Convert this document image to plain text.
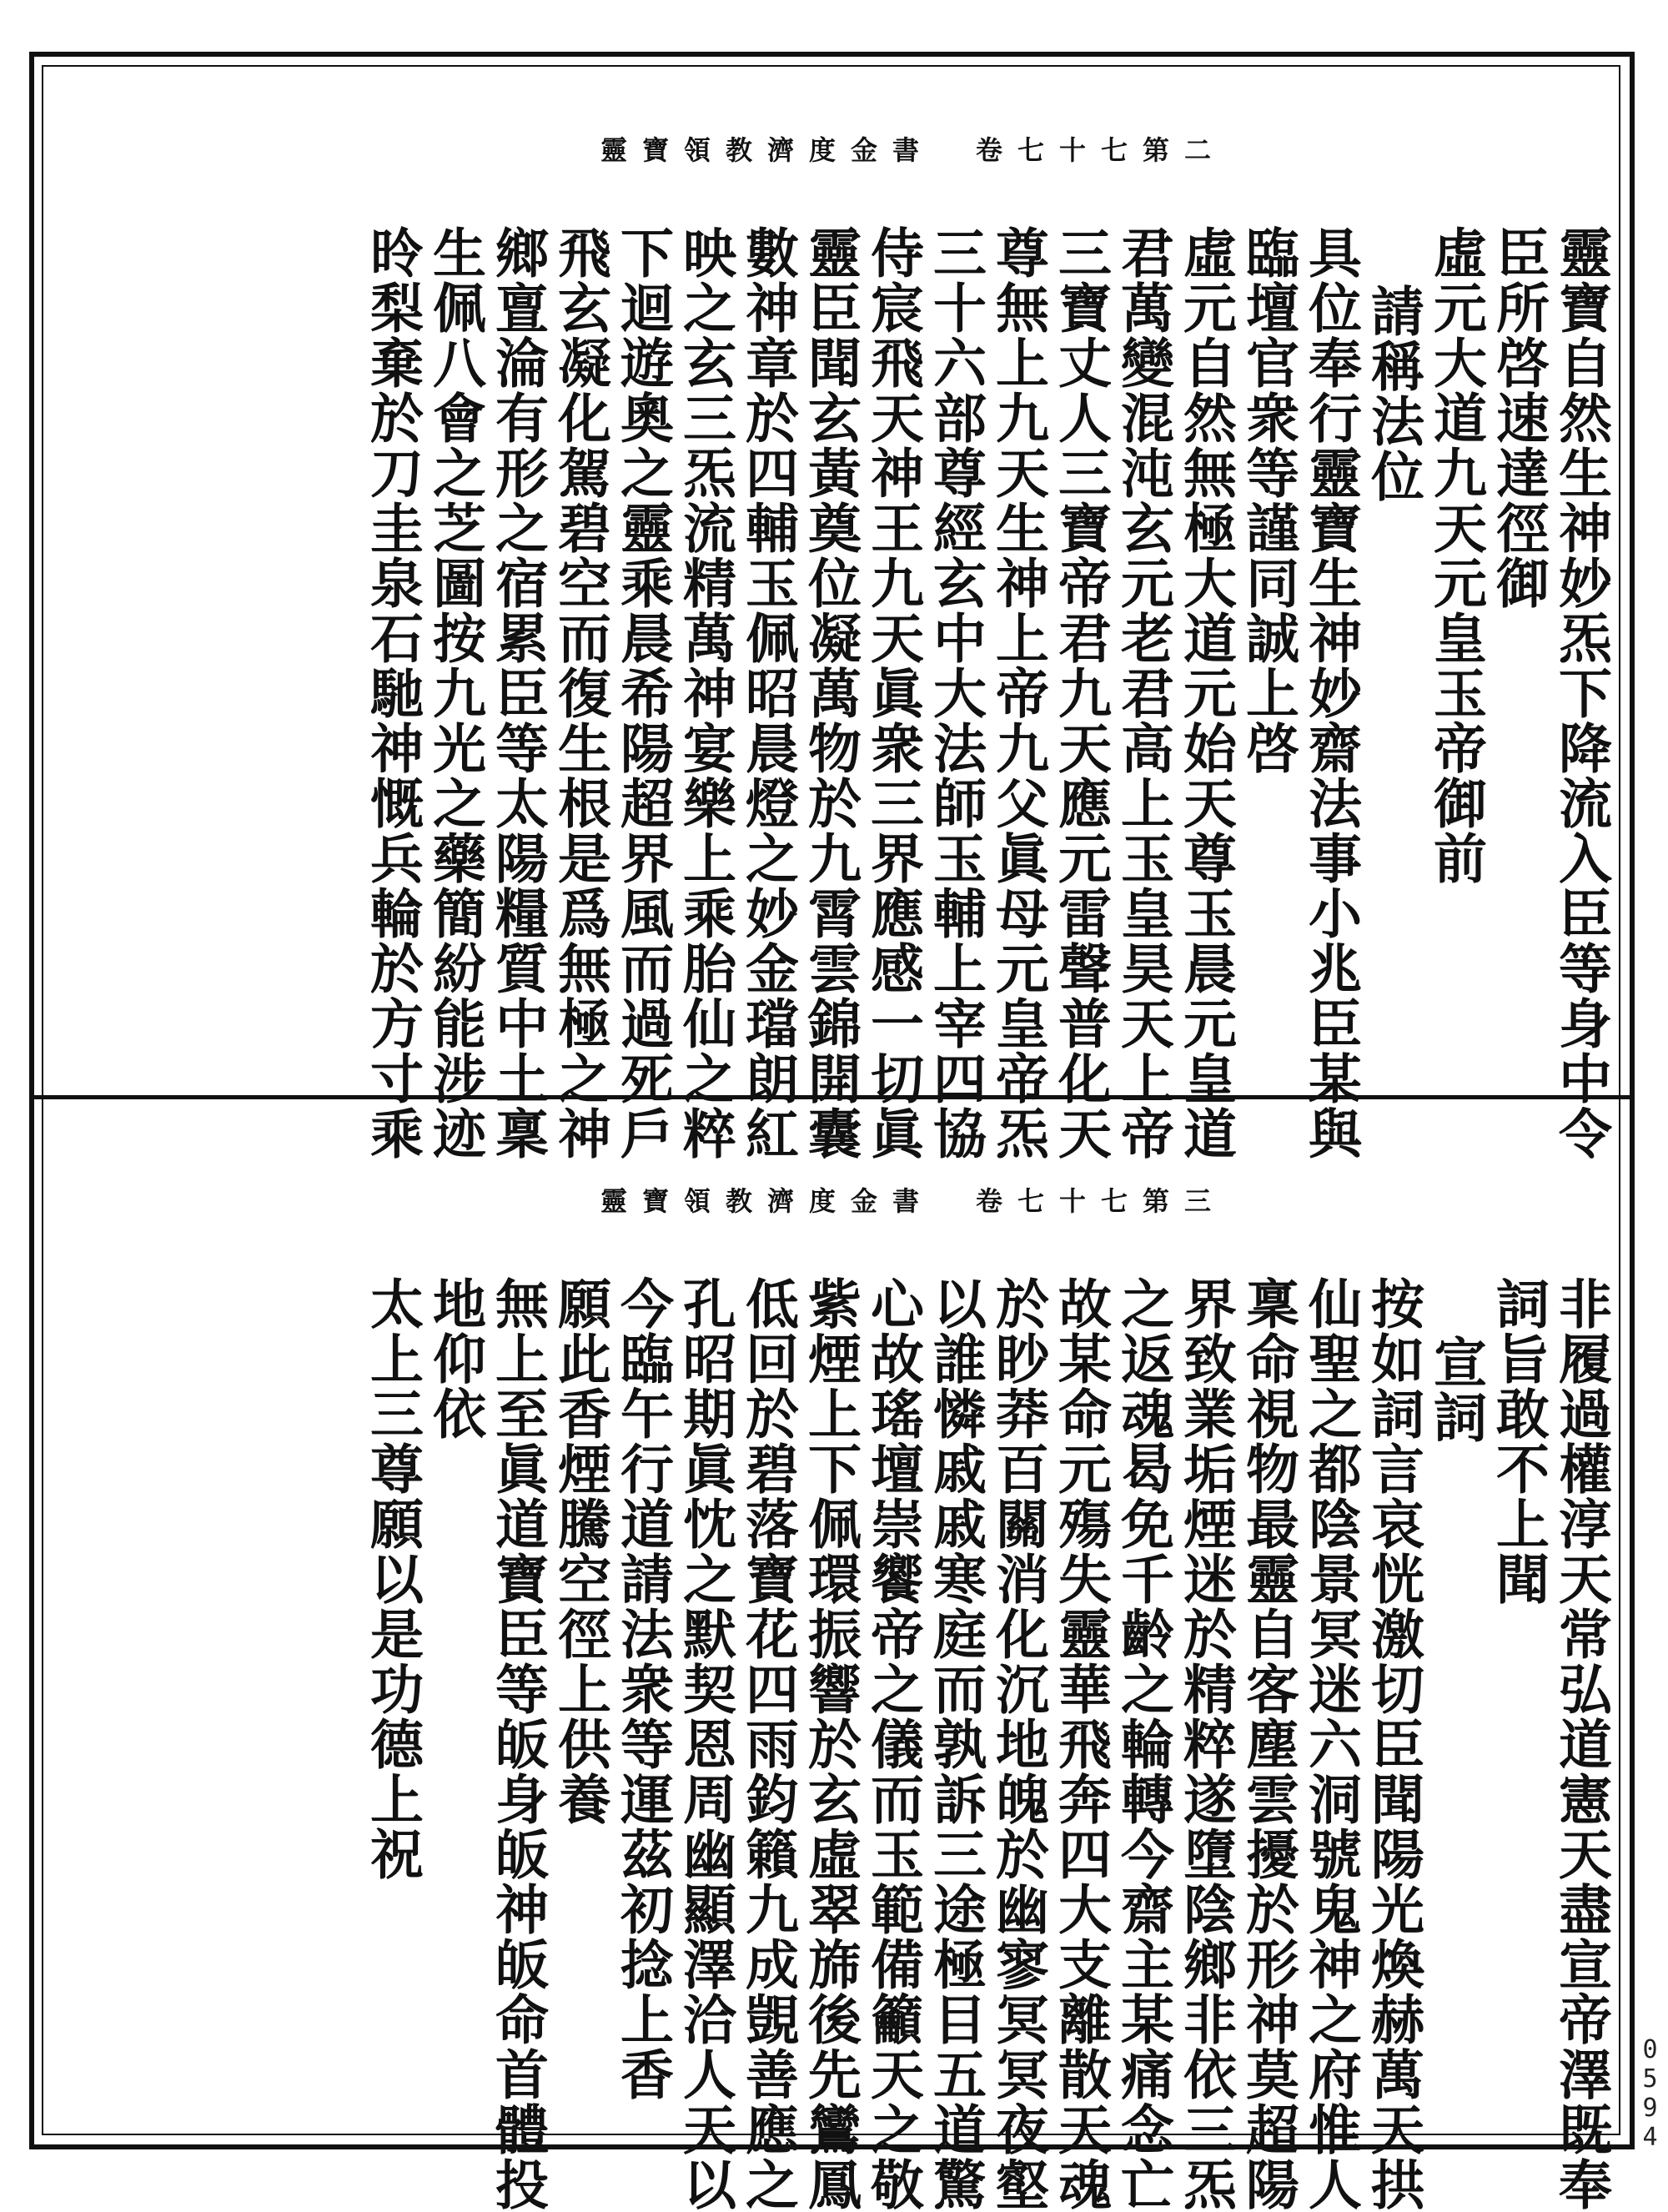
靈寶領教濟度金書　卷七十七第二
靈寶自然生神妙炁下降流入臣等身中令
臣所啓速達徑御
虛元大道九天元皇玉帝御前
請稱法位
具位奉行靈寶生神妙齋法事小兆臣某與
臨壇官衆等謹同誠上啓
虛元自然無極大道元始天尊玉晨元皇道
君萬變混沌玄元老君高上玉皇昊天上帝
三寶丈人三寶帝君九天應元雷聲普化天
尊無上九天生神上帝九父眞母元皇帝炁
三十六部尊經玄中大法師玉輔上宰四協
侍宸飛天神王九天眞衆三界應感一切眞
靈臣聞玄黃奠位凝萬物於九霄雲錦開囊
數神章於四輔玉佩昭晨燈之妙金璫朗紅
映之玄三炁流精萬神宴樂上乘胎仙之粹
下迴遊奧之靈乘晨希陽超界風而過死戶
飛玄凝化駕碧空而復生根是爲無極之神
鄉亶淪有形之宿累臣等太陽糧質中土稟
生佩八會之芝圖按九光之藥簡紛能涉迹
昤梨棄於刀圭泉石馳神慨兵輪於方寸乘
靈寶領教濟度金書　卷七十七第三
非履過權淳天常弘道憲天盡宣帝澤既奉
詞旨敢不上聞
宣詞
按如詞言哀恍激切臣聞陽光煥赫萬天拱
仙聖之都陰景冥迷六洞號鬼神之府惟人
稟命視物最靈自客塵雲擾於形神莫超陽
界致業垢煙迷於精粹遂墮陰鄉非依三炁
之返魂曷免千齡之輪轉今齋主某痛念亡
故某命元殤失靈華飛奔四大支離散天魂
於眇莽百關消化沉地魄於幽寥冥冥夜壑
以誰憐戚戚寒庭而孰訴三途極目五道驚
心故瑤壇崇饗帝之儀而玉範備籲天之敬
紫煙上下佩環振響於玄虛翠旆後先鸞鳳
低回於碧落寶花四雨鈞籟九成覬善應之
孔昭期眞忱之默契恩周幽顯澤洽人天以
今臨午行道請法衆等運茲初捻上香
願此香煙騰空徑上供養
無上至眞道寶臣等皈身皈神皈命首體投
地仰依
太上三尊願以是功德上祝
0594
